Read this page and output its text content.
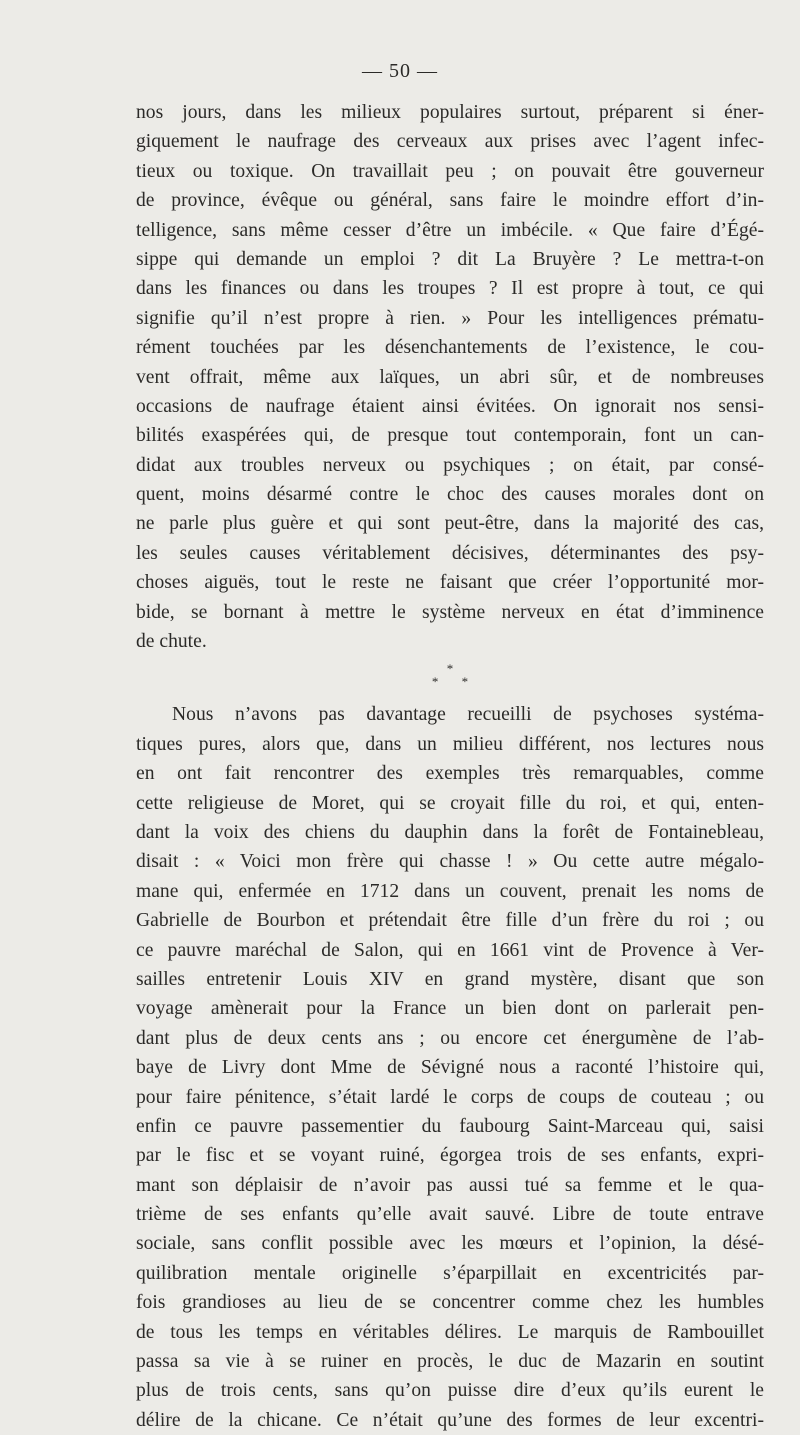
— 50 —
nos jours, dans les milieux populaires surtout, préparent si éner-
giquement le naufrage des cerveaux aux prises avec l’agent infec-
tieux ou toxique. On travaillait peu ; on pouvait être gouverneur
de province, évêque ou général, sans faire le moindre effort d’in-
telligence, sans même cesser d’être un imbécile. « Que faire d’Égé-
sippe qui demande un emploi ? dit La Bruyère ? Le mettra-t-on
dans les finances ou dans les troupes ? Il est propre à tout, ce qui
signifie qu’il n’est propre à rien. » Pour les intelligences prématu-
rément touchées par les désenchantements de l’existence, le cou-
vent offrait, même aux laïques, un abri sûr, et de nombreuses
occasions de naufrage étaient ainsi évitées. On ignorait nos sensi-
bilités exaspérées qui, de presque tout contemporain, font un can-
didat aux troubles nerveux ou psychiques ; on était, par consé-
quent, moins désarmé contre le choc des causes morales dont on
ne parle plus guère et qui sont peut-être, dans la majorité des cas,
les seules causes véritablement décisives, déterminantes des psy-
choses aiguës, tout le reste ne faisant que créer l’opportunité mor-
bide, se bornant à mettre le système nerveux en état d’imminence
de chute.
*
* *
Nous n’avons pas davantage recueilli de psychoses systéma-
tiques pures, alors que, dans un milieu différent, nos lectures nous
en ont fait rencontrer des exemples très remarquables, comme
cette religieuse de Moret, qui se croyait fille du roi, et qui, enten-
dant la voix des chiens du dauphin dans la forêt de Fontainebleau,
disait : « Voici mon frère qui chasse ! » Ou cette autre mégalo-
mane qui, enfermée en 1712 dans un couvent, prenait les noms de
Gabrielle de Bourbon et prétendait être fille d’un frère du roi ; ou
ce pauvre maréchal de Salon, qui en 1661 vint de Provence à Ver-
sailles entretenir Louis XIV en grand mystère, disant que son
voyage amènerait pour la France un bien dont on parlerait pen-
dant plus de deux cents ans ; ou encore cet énergumène de l’ab-
baye de Livry dont Mme de Sévigné nous a raconté l’histoire qui,
pour faire pénitence, s’était lardé le corps de coups de couteau ; ou
enfin ce pauvre passementier du faubourg Saint-Marceau qui, saisi
par le fisc et se voyant ruiné, égorgea trois de ses enfants, expri-
mant son déplaisir de n’avoir pas aussi tué sa femme et le qua-
trième de ses enfants qu’elle avait sauvé. Libre de toute entrave
sociale, sans conflit possible avec les mœurs et l’opinion, la désé-
quilibration mentale originelle s’éparpillait en excentricités par-
fois grandioses au lieu de se concentrer comme chez les humbles
de tous les temps en véritables délires. Le marquis de Rambouillet
passa sa vie à se ruiner en procès, le duc de Mazarin en soutint
plus de trois cents, sans qu’on puisse dire d’eux qu’ils eurent le
délire de la chicane. Ce n’était qu’une des formes de leur excentri-
